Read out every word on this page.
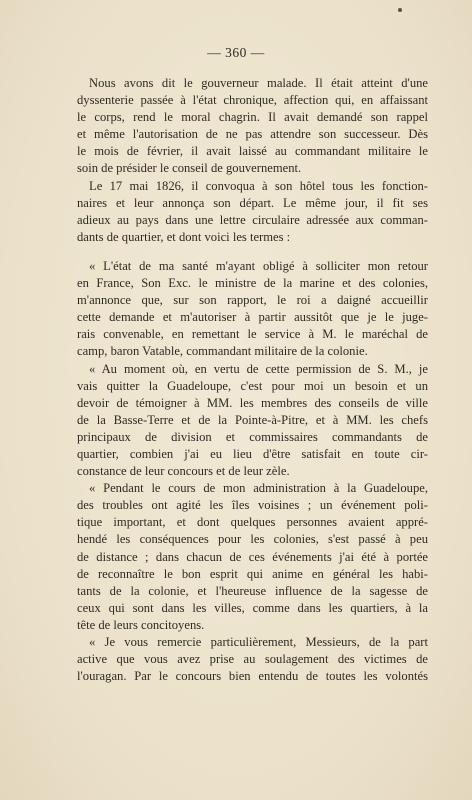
— 360 —
Nous avons dit le gouverneur malade. Il était atteint d'une
dyssenterie passée à l'état chronique, affection qui, en affaissant
le corps, rend le moral chagrin. Il avait demandé son rappel
et même l'autorisation de ne pas attendre son successeur. Dès
le mois de février, il avait laissé au commandant militaire le
soin de présider le conseil de gouvernement.
Le 17 mai 1826, il convoqua à son hôtel tous les fonction-
naires et leur annonça son départ. Le même jour, il fit ses
adieux au pays dans une lettre circulaire adressée aux comman-
dants de quartier, et dont voici les termes :
« L'état de ma santé m'ayant obligé à solliciter mon retour
« en France, Son Exc. le ministre de la marine et des colonies,
« m'annonce que, sur son rapport, le roi a daigné accueillir
« cette demande et m'autoriser à partir aussitôt que je le juge-
« rais convenable, en remettant le service à M. le maréchal de
« camp, baron Vatable, commandant militaire de la colonie.
« Au moment où, en vertu de cette permission de S. M., je
« vais quitter la Guadeloupe, c'est pour moi un besoin et un
« devoir de témoigner à MM. les membres des conseils de ville
« de la Basse-Terre et de la Pointe-à-Pitre, et à MM. les chefs
« principaux de division et commissaires commandants de
« quartier, combien j'ai eu lieu d'être satisfait en toute cir-
« constance de leur concours et de leur zèle.
« Pendant le cours de mon administration à la Guadeloupe,
« des troubles ont agité les îles voisines ; un événement poli-
« tique important, et dont quelques personnes avaient appré-
« hendé les conséquences pour les colonies, s'est passé à peu
« de distance ; dans chacun de ces événements j'ai été à portée
« de reconnaître le bon esprit qui anime en général les habi-
« tants de la colonie, et l'heureuse influence de la sagesse de
« ceux qui sont dans les villes, comme dans les quartiers, à la
« tête de leurs concitoyens.
« Je vous remercie particulièrement, Messieurs, de la part
« active que vous avez prise au soulagement des victimes de
« l'ouragan. Par le concours bien entendu de toutes les volontés
